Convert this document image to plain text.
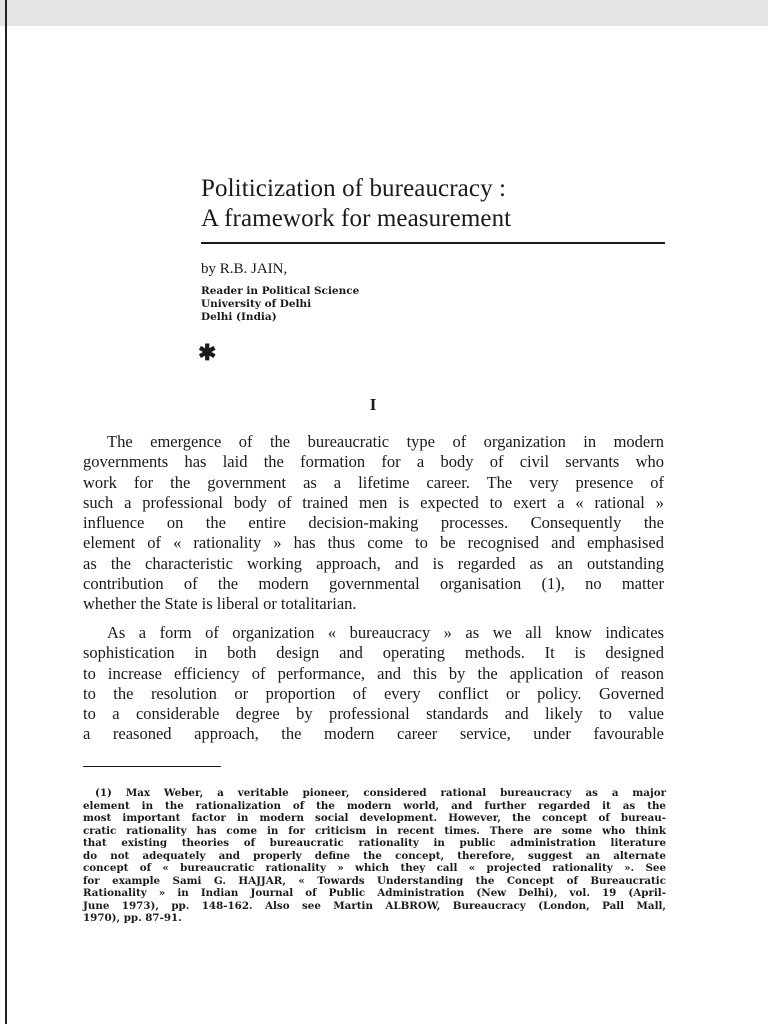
Politicization of bureaucracy :
A framework for measurement
by R.B. JAIN,
Reader in Political Science
University of Delhi
Delhi (India)
✱
I

The emergence of the bureaucratic type of organization in modern
governments has laid the formation for a body of civil servants who
work for the government as a lifetime career. The very presence of
such a professional body of trained men is expected to exert a « rational »
influence on the entire decision-making processes. Consequently the
element of « rationality » has thus come to be recognised and emphasised
as the characteristic working approach, and is regarded as an outstanding
contribution of the modern governmental organisation (1), no matter
whether the State is liberal or totalitarian.

As a form of organization « bureaucracy » as we all know indicates
sophistication in both design and operating methods. It is designed
to increase efficiency of performance, and this by the application of reason
to the resolution or proportion of every conflict or policy. Governed
to a considerable degree by professional standards and likely to value
a reasoned approach, the modern career service, under favourable

(1) Max Weber, a veritable pioneer, considered rational bureaucracy as a major
element in the rationalization of the modern world, and further regarded it as the
most important factor in modern social development. However, the concept of bureau-
cratic rationality has come in for criticism in recent times. There are some who think
that existing theories of bureaucratic rationality in public administration literature
do not adequately and properly define the concept, therefore, suggest an alternate
concept of « bureaucratic rationality » which they call « projected rationality ». See
for example Sami G. HAJJAR, « Towards Understanding the Concept of Bureaucratic
Rationality » in Indian Journal of Public Administration (New Delhi), vol. 19 (April-
June 1973), pp. 148-162. Also see Martin ALBROW, Bureaucracy (London, Pall Mall,
1970), pp. 87-91.
